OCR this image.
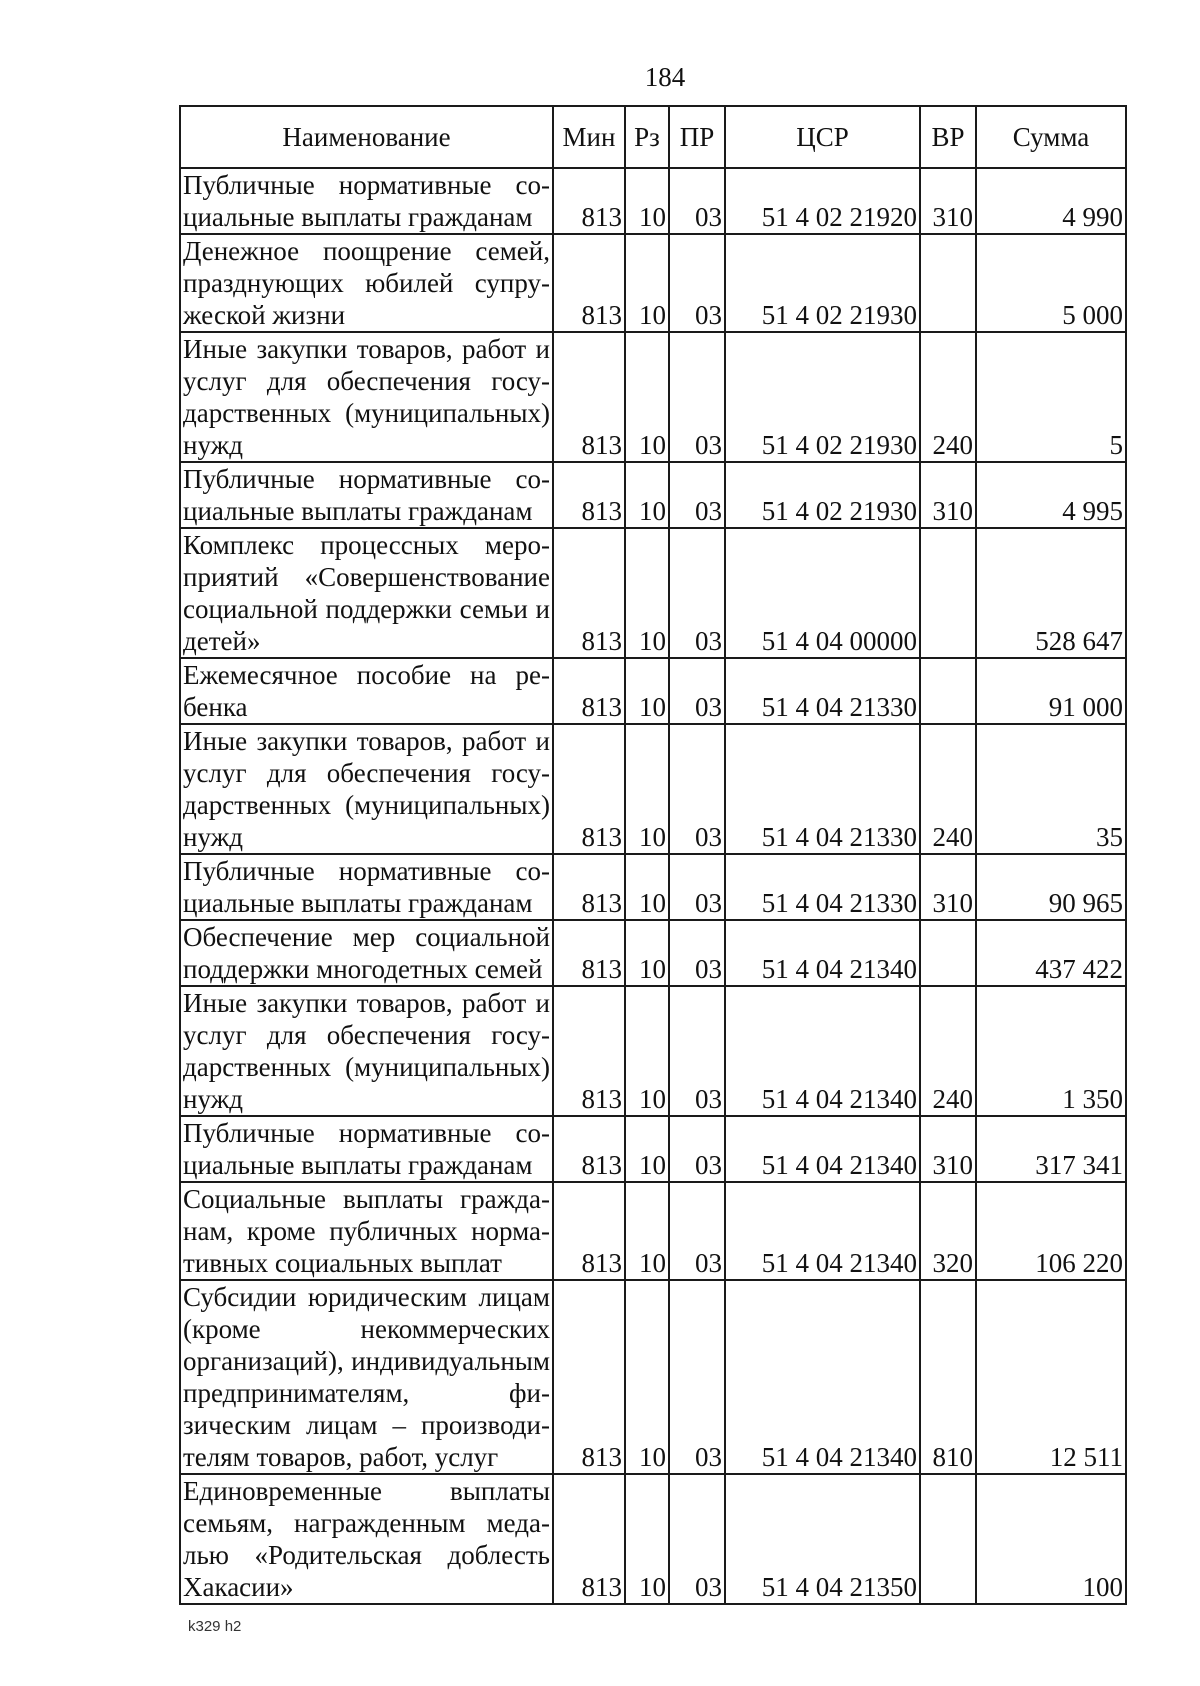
184
Наименование	Мин	Рз	ПР	ЦСР	ВР	Сумма
Публичные нормативные социальные выплаты гражданам	813	10	03	51 4 02 21920	310	4 990
Денежное поощрение семей, празднующих юбилей супружеской жизни	813	10	03	51 4 02 21930		5 000
Иные закупки товаров, работ и услуг для обеспечения государственных (муниципальных) нужд	813	10	03	51 4 02 21930	240	5
Публичные нормативные социальные выплаты гражданам	813	10	03	51 4 02 21930	310	4 995
Комплекс процессных мероприятий «Совершенствование социальной поддержки семьи и детей»	813	10	03	51 4 04 00000		528 647
Ежемесячное пособие на ребенка	813	10	03	51 4 04 21330		91 000
Иные закупки товаров, работ и услуг для обеспечения государственных (муниципальных) нужд	813	10	03	51 4 04 21330	240	35
Публичные нормативные социальные выплаты гражданам	813	10	03	51 4 04 21330	310	90 965
Обеспечение мер социальной поддержки многодетных семей	813	10	03	51 4 04 21340		437 422
Иные закупки товаров, работ и услуг для обеспечения государственных (муниципальных) нужд	813	10	03	51 4 04 21340	240	1 350
Публичные нормативные социальные выплаты гражданам	813	10	03	51 4 04 21340	310	317 341
Социальные выплаты гражданам, кроме публичных нормативных социальных выплат	813	10	03	51 4 04 21340	320	106 220
Субсидии юридическим лицам (кроме некоммерческих организаций), индивидуальным предпринимателям, физическим лицам – производителям товаров, работ, услуг	813	10	03	51 4 04 21340	810	12 511
Единовременные выплаты семьям, награжденным медалью «Родительская доблесть Хакасии»	813	10	03	51 4 04 21350		100
k329 h2
